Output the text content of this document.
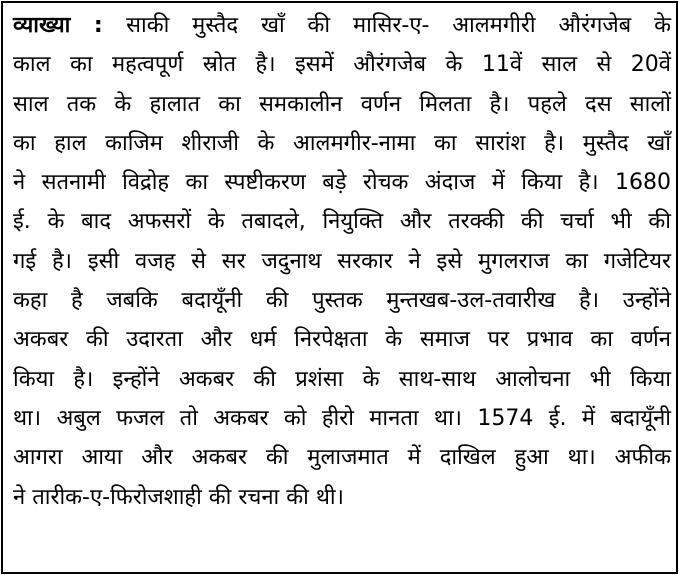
व्याख्या : साकी मुस्तैद खाँ की मासिर-ए- आलमगीरी औरंगजेब के
काल का महत्वपूर्ण स्रोत है। इसमें औरंगजेब के 11वें साल से 20वें
साल तक के हालात का समकालीन वर्णन मिलता है। पहले दस सालों
का हाल काजिम शीराजी के आलमगीर-नामा का सारांश है। मुस्तैद खाँ
ने सतनामी विद्रोह का स्पष्टीकरण बड़े रोचक अंदाज में किया है। 1680
ई. के बाद अफसरों के तबादले, नियुक्ति और तरक्की की चर्चा भी की
गई है। इसी वजह से सर जदुनाथ सरकार ने इसे मुगलराज का गजेटियर
कहा है जबकि बदायूँनी की पुस्तक मुन्तखब-उल-तवारीख है। उन्होंने
अकबर की उदारता और धर्म निरपेक्षता के समाज पर प्रभाव का वर्णन
किया है। इन्होंने अकबर की प्रशंसा के साथ-साथ आलोचना भी किया
था। अबुल फजल तो अकबर को हीरो मानता था। 1574 ई. में बदायूँनी
आगरा आया और अकबर की मुलाजमात में दाखिल हुआ था। अफीक
ने तारीक-ए-फिरोजशाही की रचना की थी।
